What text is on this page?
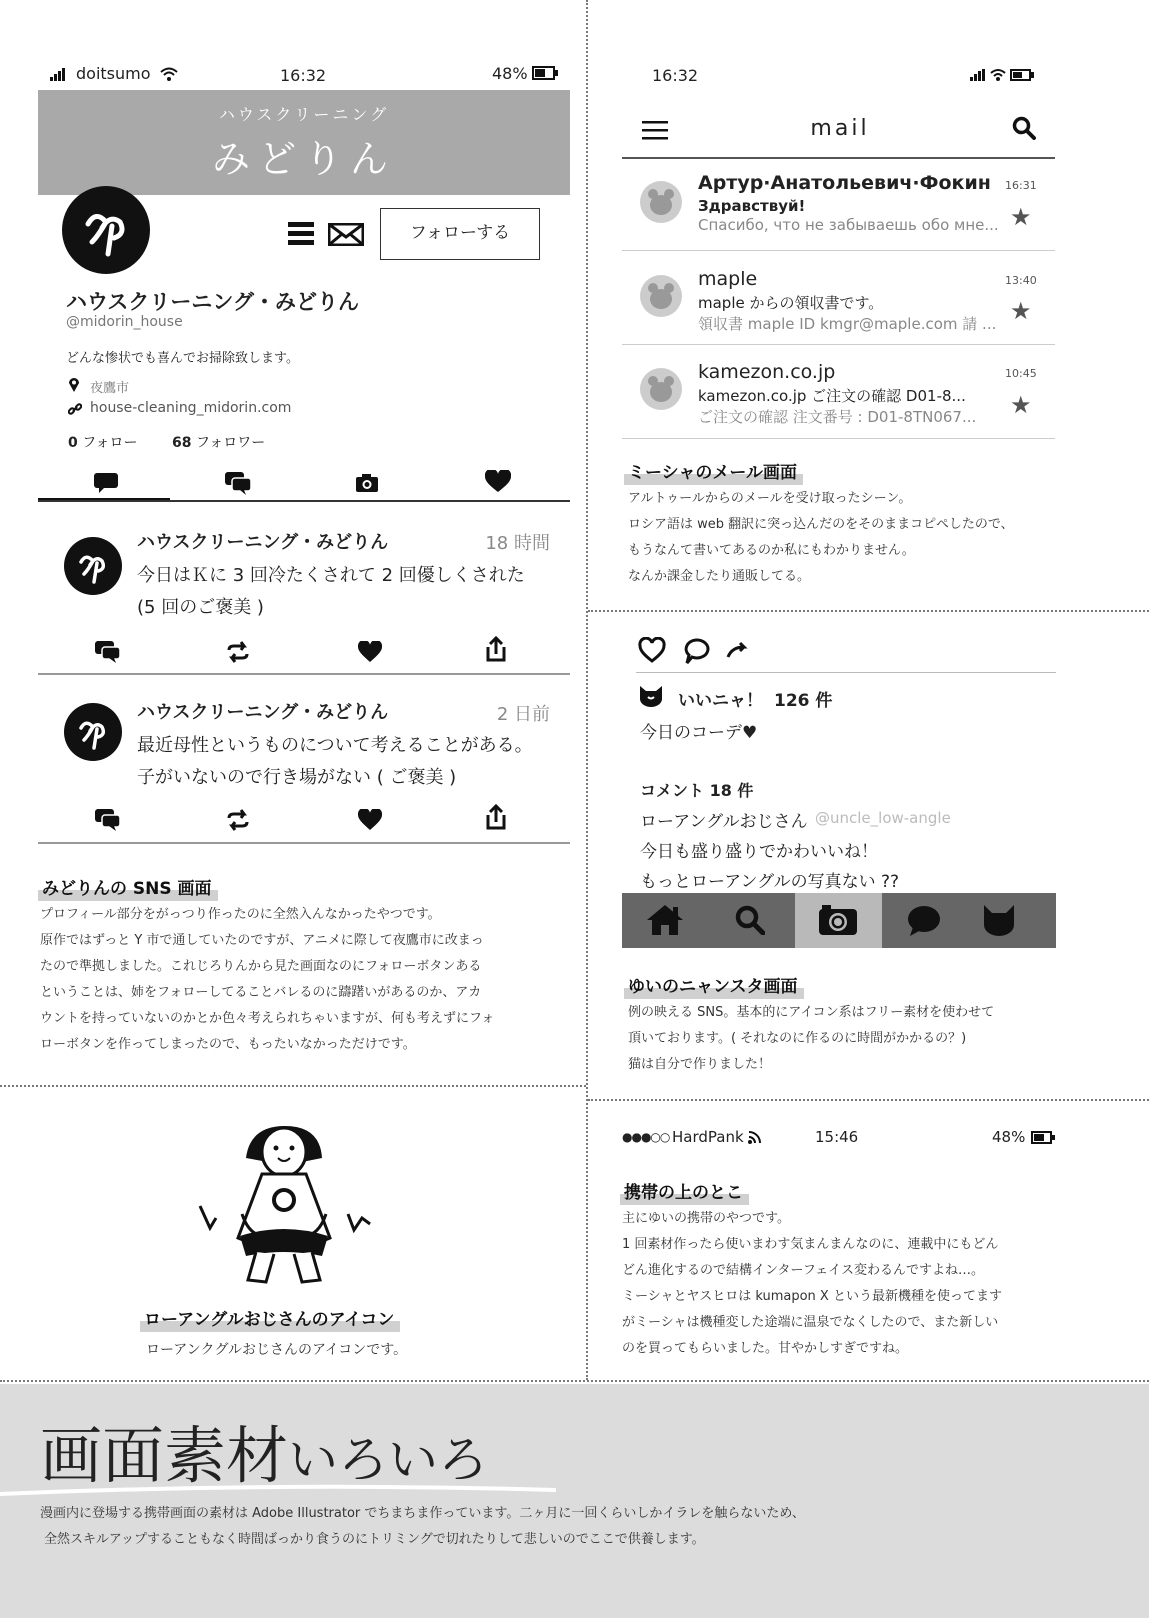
doitsumo	16:32	48%
ハウスクリーニング
みどりん
フォローする
ハウスクリーニング・みどりん
@midorin_house
どんな惨状でも喜んでお掃除致します。
夜鷹市
house-cleaning_midorin.com
0 フォロー 68 フォロワー
ハウスクリーニング・みどりん	18 時間
今日はＫに 3 回冷たくされて 2 回優しくされた
(5 回のご褒美 )
ハウスクリーニング・みどりん	2 日前
最近母性というものについて考えることがある。
子がいないので行き場がない ( ご褒美 )
みどりんの SNS 画面
プロフィール部分をがっつり作ったのに全然入んなかったやつです。
原作ではずっと Y 市で通していたのですが、アニメに際して夜鷹市に改まっ
たので準拠しました。これじろりんから見た画面なのにフォローボタンある
ということは、姉をフォローしてることバレるのに躊躇いがあるのか、アカ
ウントを持っていないのかとか色々考えられちゃいますが、何も考えずにフォ
ローボタンを作ってしまったので、もったいなかっただけです。
16:32
mail
Артур·Анатольевич·Фокин 16:31
Здравствуй!
Спасибо, что не забываешь обо мне... ★
maple	13:40
maple からの領収書です。
領収書 maple ID kmgr@maple.com 請 ... ★
kamezon.co.jp	10:45
kamezon.co.jp ご注文の確認 D01-8...
ご注文の確認 注文番号 : D01-8TN067... ★
ミーシャのメール画面
アルトゥールからのメールを受け取ったシーン。
ロシア語は web 翻訳に突っ込んだのをそのままコピペしたので、
もうなんて書いてあるのか私にもわかりません。
なんか課金したり通販してる。
いいニャ！ 126 件
今日のコーデ♥
コメント 18 件
ローアングルおじさん @uncle_low-angle
今日も盛り盛りでかわいいね！
もっとローアングルの写真ない ??
ゆいのニャンスタ画面
例の映える SNS。基本的にアイコン系はフリー素材を使わせて
頂いております。( それなのに作るのに時間がかかるの？)
猫は自分で作りました！
ローアングルおじさんのアイコン
ローアンクグルおじさんのアイコンです。
●●●○○ HardPank	15:46	48%
携帯の上のとこ
主にゆいの携帯のやつです。
1 回素材作ったら使いまわす気まんまんなのに、連載中にもどん
どん進化するので結構インターフェイス変わるんですよね…。
ミーシャとヤスヒロは kumapon X という最新機種を使ってます
がミーシャは機種変した途端に温泉でなくしたので、また新しい
のを買ってもらいました。甘やかしすぎですね。
画面素材いろいろ
漫画内に登場する携帯画面の素材は Adobe Illustrator でちまちま作っています。二ヶ月に一回くらいしかイラレを触らないため、
全然スキルアップすることもなく時間ばっかり食うのにトリミングで切れたりして悲しいのでここで供養します。
